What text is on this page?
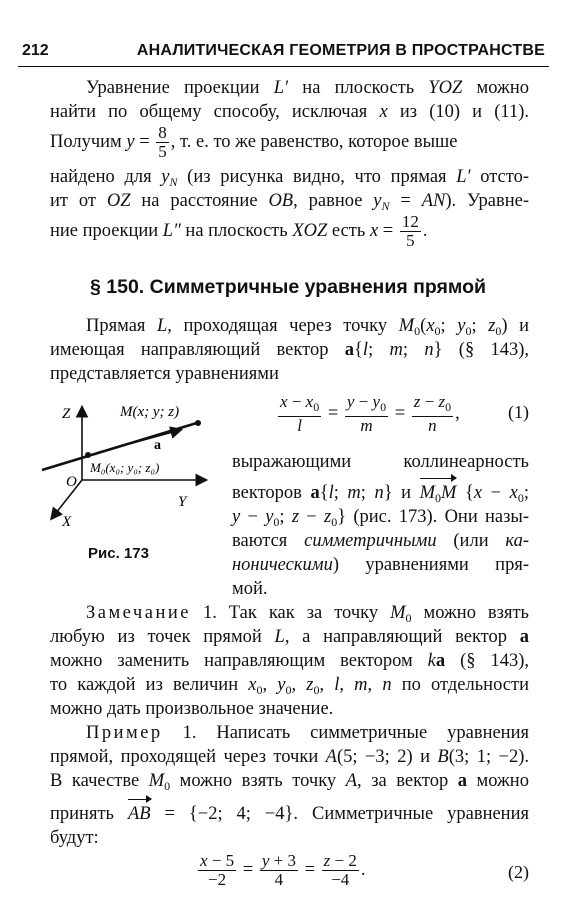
212	АНАЛИТИЧЕСКАЯ ГЕОМЕТРИЯ В ПРОСТРАНСТВЕ
Уравнение проекции L′ на плоскость YOZ можно
найти по общему способу, исключая x из (10) и (11).
Получим $y = \frac{8}{5}$ , т. е. то же равенство, которое выше
найдено для $y_N$ (из рисунка видно, что прямая L′ отсто-
ит от OZ на расстояние OB, равное $y_N = AN$). Уравне-
ние проекции L″ на плоскость XOZ есть $x = \frac{12}{5}$ .
§ 150. Симметричные уравнения прямой
Прямая L, проходящая через точку $M_0(x_0$; $y_0$; $z_0$) и
имеющая направляющий вектор a{l; m; n} (§ 143),
представляется уравнениями
$\frac{x - x_0}{l} = \frac{y - y_0}{m} = \frac{z - z_0}{n}$ ,	(1)
Z
Y
X
O
M(x; y; z)
a
M₀(x₀; y₀; z₀)
Рис. 173
выражающими коллинеарность
векторов a{l; m; n} и $M_0M$ {$x - x_0$;
$y - y_0$; $z - z_0$} (рис. 173). Они назы-
ваются симметричными (или ка-
ноническими) уравнениями пря-
мой.
Замечание 1. Так как за точку $M_0$ можно взять
любую из точек прямой L, а направляющий вектор a
можно заменить направляющим вектором ka (§ 143),
то каждой из величин $x_0$, $y_0$, $z_0$, l, m, n по отдельности
можно дать произвольное значение.
Пример 1. Написать симметричные уравнения
прямой, проходящей через точки A(5; −3; 2) и B(3; 1; −2).
В качестве $M_0$ можно взять точку A, за вектор a можно
принять AB = {−2; 4; −4}. Симметричные уравнения
будут:
$\frac{x - 5}{-2} = \frac{y + 3}{4} = \frac{z - 2}{-4}$ .	(2)
